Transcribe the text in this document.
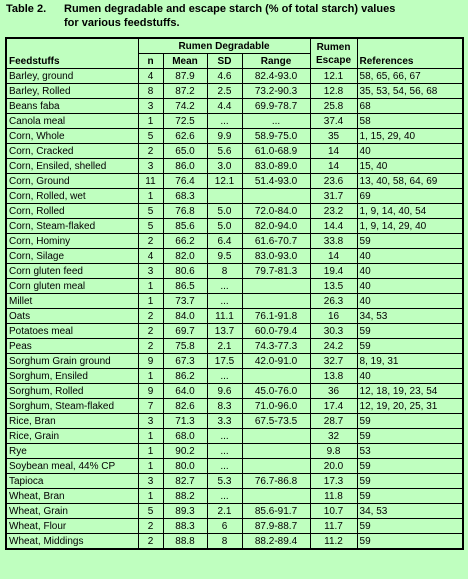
Table 2. Rumen degradable and escape starch (% of total starch) values
for various feedstuffs.
Feedstuffs	Rumen Degradable				Rumen
Escape	References
	n	Mean	SD	Range		
Barley, ground	4	87.9	4.6	82.4-93.0	12.1	58, 65, 66, 67
Barley, Rolled	8	87.2	2.5	73.2-90.3	12.8	35, 53, 54, 56, 68
Beans faba	3	74.2	4.4	69.9-78.7	25.8	68
Canola meal	1	72.5	...	...	37.4	58
Corn, Whole	5	62.6	9.9	58.9-75.0	35	1, 15, 29, 40
Corn, Cracked	2	65.0	5.6	61.0-68.9	14	40
Corn, Ensiled, shelled	3	86.0	3.0	83.0-89.0	14	15, 40
Corn, Ground	11	76.4	12.1	51.4-93.0	23.6	13, 40, 58, 64, 69
Corn, Rolled, wet	1	68.3			31.7	69
Corn, Rolled	5	76.8	5.0	72.0-84.0	23.2	1, 9, 14, 40, 54
Corn, Steam-flaked	5	85.6	5.0	82.0-94.0	14.4	1, 9, 14, 29, 40
Corn, Hominy	2	66.2	6.4	61.6-70.7	33.8	59
Corn, Silage	4	82.0	9.5	83.0-93.0	14	40
Corn gluten feed	3	80.6	8	79.7-81.3	19.4	40
Corn gluten meal	1	86.5	...		13.5	40
Millet	1	73.7	...		26.3	40
Oats	2	84.0	11.1	76.1-91.8	16	34, 53
Potatoes meal	2	69.7	13.7	60.0-79.4	30.3	59
Peas	2	75.8	2.1	74.3-77.3	24.2	59
Sorghum Grain ground	9	67.3	17.5	42.0-91.0	32.7	8, 19, 31
Sorghum, Ensiled	1	86.2	...		13.8	40
Sorghum, Rolled	9	64.0	9.6	45.0-76.0	36	12, 18, 19, 23, 54
Sorghum, Steam-flaked	7	82.6	8.3	71.0-96.0	17.4	12, 19, 20, 25, 31
Rice, Bran	3	71.3	3.3	67.5-73.5	28.7	59
Rice, Grain	1	68.0	...		32	59
Rye	1	90.2	...		9.8	53
Soybean meal, 44% CP	1	80.0	...		20.0	59
Tapioca	3	82.7	5.3	76.7-86.8	17.3	59
Wheat, Bran	1	88.2	...		11.8	59
Wheat, Grain	5	89.3	2.1	85.6-91.7	10.7	34, 53
Wheat, Flour	2	88.3	6	87.9-88.7	11.7	59
Wheat, Middings	2	88.8	8	88.2-89.4	11.2	59
